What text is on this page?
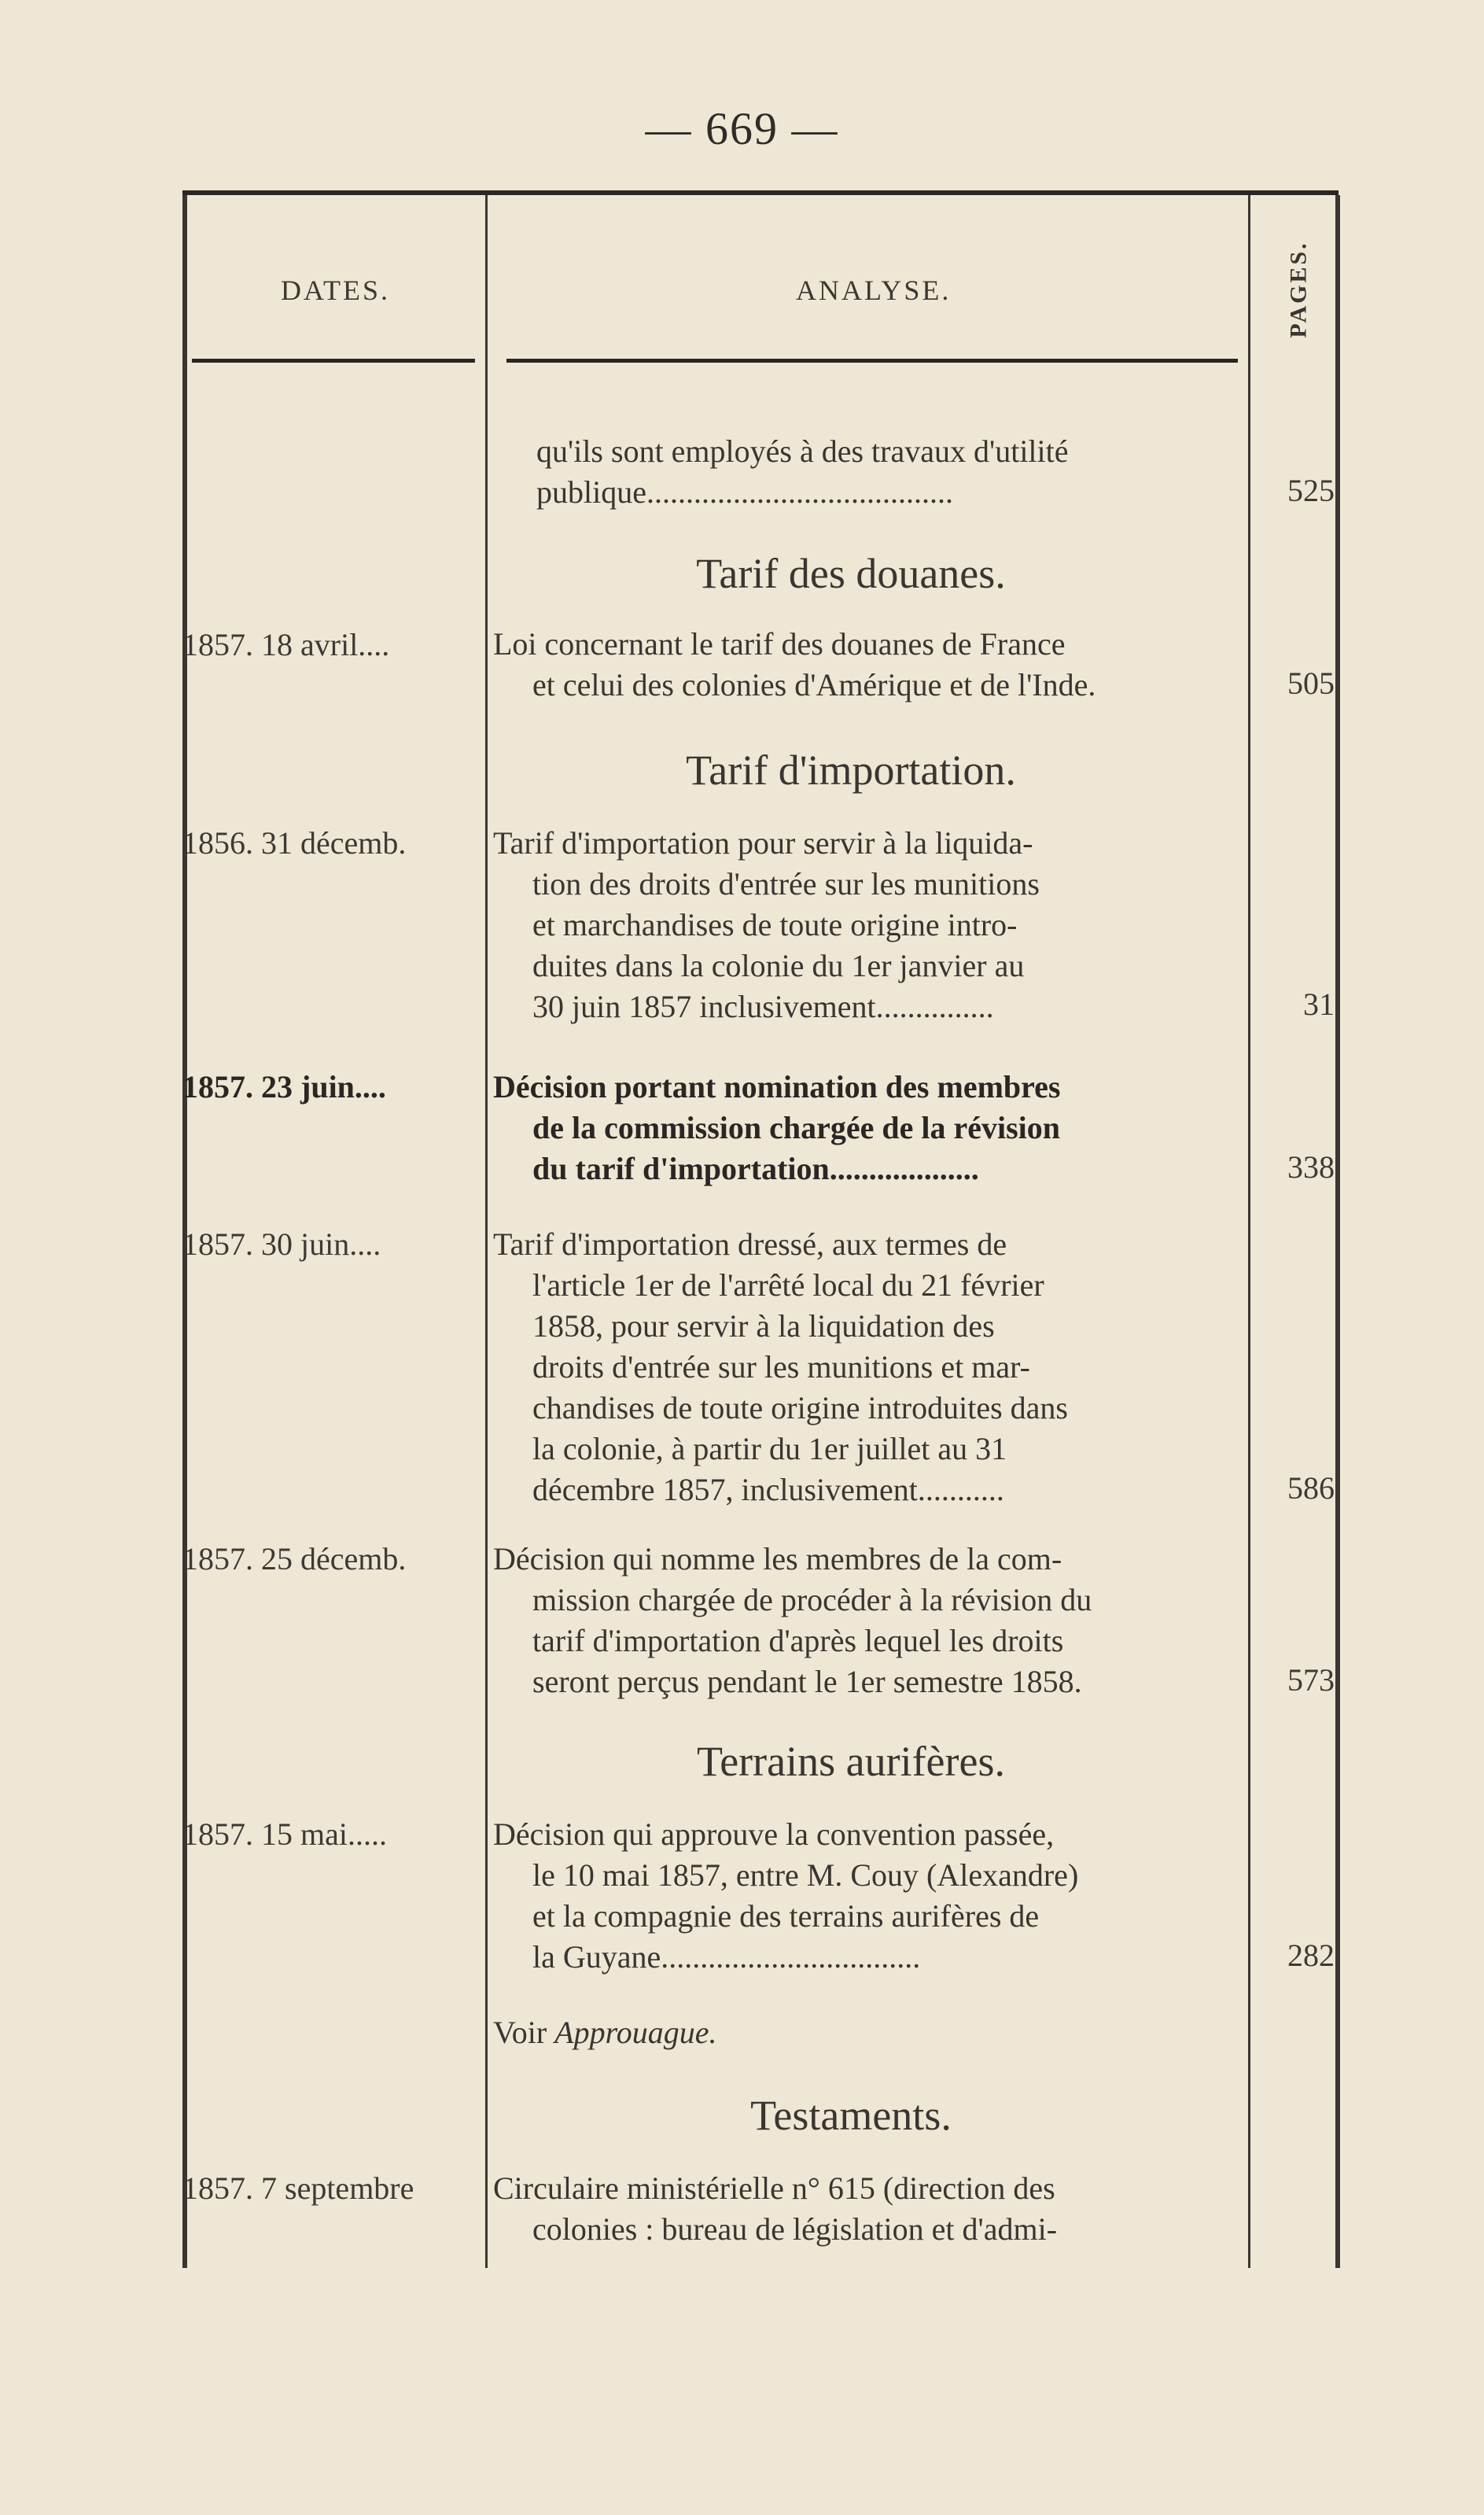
— 669 —
DATES.	ANALYSE.	PAGES.
qu'ils sont employés à des travaux d'utilité
publique.......................................	525
Tarif des douanes.
1857. 18 avril....	Loi concernant le tarif des douanes de France
et celui des colonies d'Amérique et de l'Inde.	505
Tarif d'importation.
1856. 31 décemb.	Tarif d'importation pour servir à la liquida-
tion des droits d'entrée sur les munitions
et marchandises de toute origine intro-
duites dans la colonie du 1er janvier au
30 juin 1857 inclusivement...............	31
1857. 23 juin....	Décision portant nomination des membres
de la commission chargée de la révision
du tarif d'importation...................	338
1857. 30 juin....	Tarif d'importation dressé, aux termes de
l'article 1er de l'arrêté local du 21 février
1858, pour servir à la liquidation des
droits d'entrée sur les munitions et mar-
chandises de toute origine introduites dans
la colonie, à partir du 1er juillet au 31
décembre 1857, inclusivement...........	586
1857. 25 décemb.	Décision qui nomme les membres de la com-
mission chargée de procéder à la révision du
tarif d'importation d'après lequel les droits
seront perçus pendant le 1er semestre 1858.	573
Terrains aurifères.
1857. 15 mai.....	Décision qui approuve la convention passée,
le 10 mai 1857, entre M. Couy (Alexandre)
et la compagnie des terrains aurifères de
la Guyane.................................	282
Voir Approuague.
Testaments.
1857. 7 septembre	Circulaire ministérielle n° 615 (direction des
colonies : bureau de législation et d'admi-
